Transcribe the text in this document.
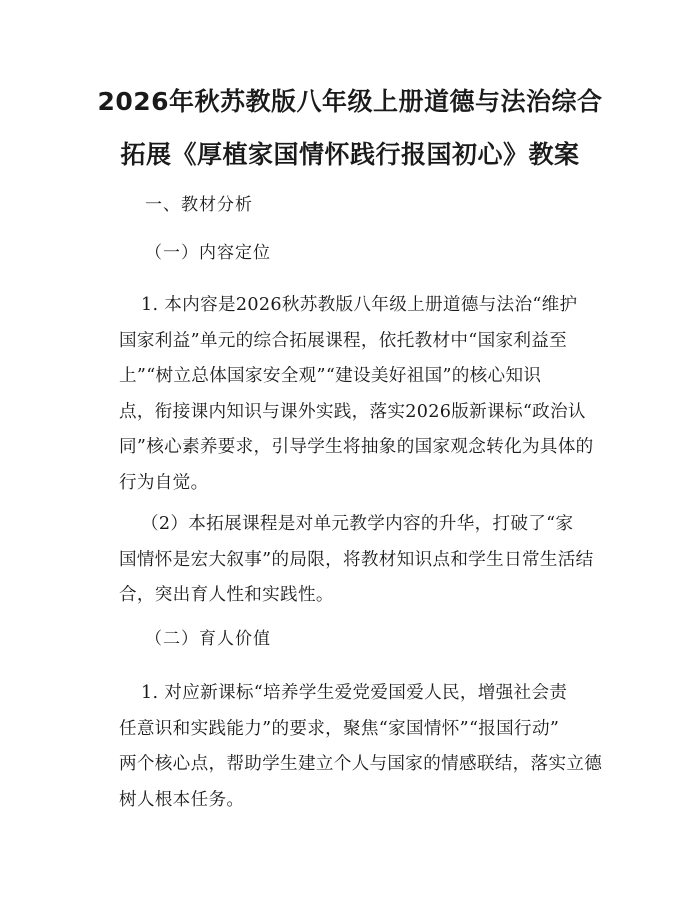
2026年秋苏教版八年级上册道德与法治综合
拓展《厚植家国情怀践行报国初心》教案

一、教材分析

（一）内容定位

1. 本内容是2026秋苏教版八年级上册道德与法治“维护
国家利益”单元的综合拓展课程，依托教材中“国家利益至
上”“树立总体国家安全观”“建设美好祖国”的核心知识
点，衔接课内知识与课外实践，落实2026版新课标“政治认
同”核心素养要求，引导学生将抽象的国家观念转化为具体的
行为自觉。
（2）本拓展课程是对单元教学内容的升华，打破了“家
国情怀是宏大叙事”的局限，将教材知识点和学生日常生活结
合，突出育人性和实践性。

（二）育人价值

1. 对应新课标“培养学生爱党爱国爱人民，增强社会责
任意识和实践能力”的要求，聚焦“家国情怀”“报国行动”
两个核心点，帮助学生建立个人与国家的情感联结，落实立德
树人根本任务。
